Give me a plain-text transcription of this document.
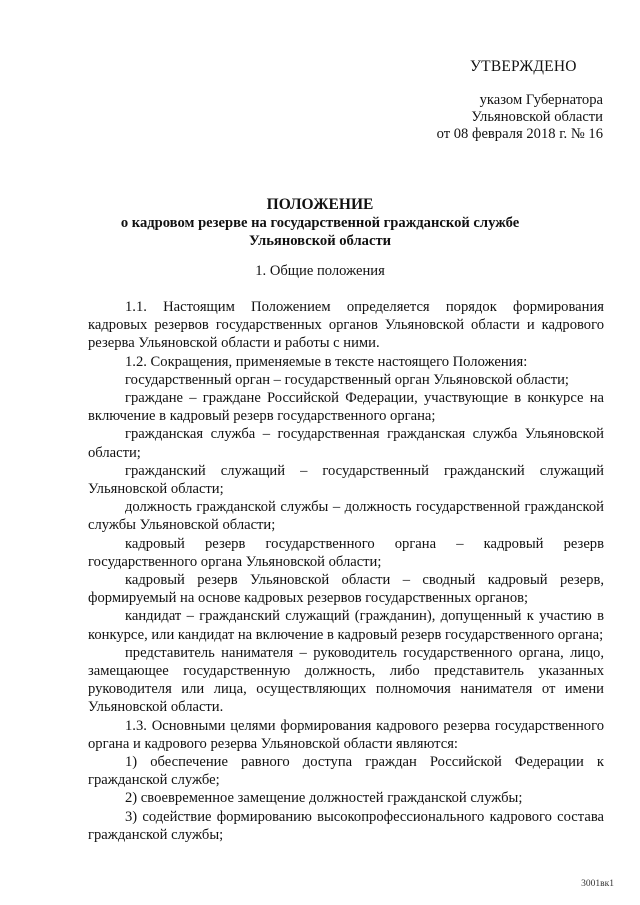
УТВЕРЖДЕНО
указом Губернатора
Ульяновской области
от 08 февраля 2018 г. № 16
ПОЛОЖЕНИЕ
о кадровом резерве на государственной гражданской службе
Ульяновской области
1. Общие положения

1.1. Настоящим Положением определяется порядок формирования кадровых резервов государственных органов Ульяновской области и кадрового резерва Ульяновской области и работы с ними.

1.2. Сокращения, применяемые в тексте настоящего Положения:

государственный орган – государственный орган Ульяновской области;

граждане – граждане Российской Федерации, участвующие в конкурсе на включение в кадровый резерв государственного органа;

гражданская служба – государственная гражданская служба Ульяновской области;

гражданский служащий – государственный гражданский служащий Ульяновской области;

должность гражданской службы – должность государственной гражданской службы Ульяновской области;

кадровый резерв государственного органа – кадровый резерв государственного органа Ульяновской области;

кадровый резерв Ульяновской области – сводный кадровый резерв, формируемый на основе кадровых резервов государственных органов;

кандидат – гражданский служащий (гражданин), допущенный к участию в конкурсе, или кандидат на включение в кадровый резерв государственного органа;

представитель нанимателя – руководитель государственного органа, лицо, замещающее государственную должность, либо представитель указанных руководителя или лица, осуществляющих полномочия нанимателя от имени Ульяновской области.

1.3. Основными целями формирования кадрового резерва государственного органа и кадрового резерва Ульяновской области являются:

1) обеспечение равного доступа граждан Российской Федерации к гражданской службе;

2) своевременное замещение должностей гражданской службы;

3) содействие формированию высокопрофессионального кадрового состава гражданской службы;

3001вк1
